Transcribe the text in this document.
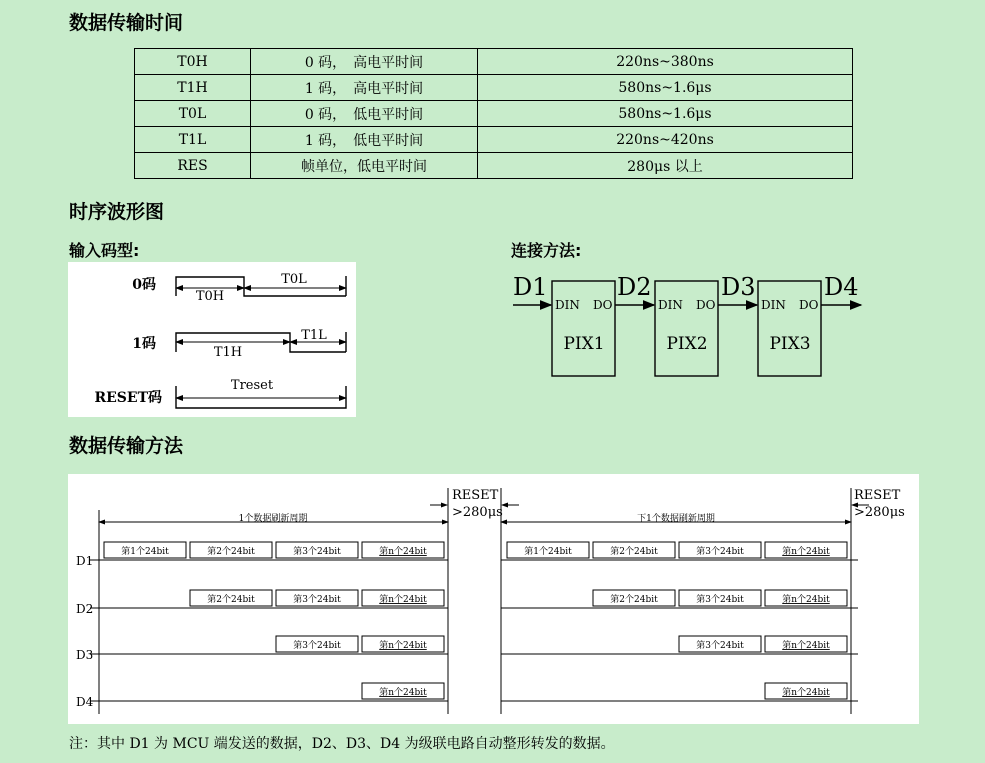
数据传输时间
T0H	0 码，　高电平时间	220ns~380ns
T1H	1 码，　高电平时间	580ns~1.6μs
T0L	0 码，　低电平时间	580ns~1.6μs
T1L	1 码，　低电平时间	220ns~420ns
RES	帧单位，低电平时间	280μs 以上
时序波形图
输入码型:	连接方法:
0码
T0H
T0L
1码
T1H
T1L
RESET码
Treset
D1	D2	D3	D4
DIN DO	DIN DO	DIN DO
PIX1	PIX2	PIX3
数据传输方法
D1
第1个24bit	第2个24bit	第3个24bit	第n个24bit	第1个24bit	第2个24bit	第3个24bit	第n个24bit
D2
第2个24bit	第3个24bit	第n个24bit	第2个24bit	第3个24bit	第n个24bit
D3
第3个24bit	第n个24bit	第3个24bit	第n个24bit
D4
第n个24bit	第n个24bit
RESET
>280μs
RESET
>280μs
1个数据刷新周期	下1个数据刷新周期
注：其中 D1 为 MCU 端发送的数据，D2、D3、D4 为级联电路自动整形转发的数据。
